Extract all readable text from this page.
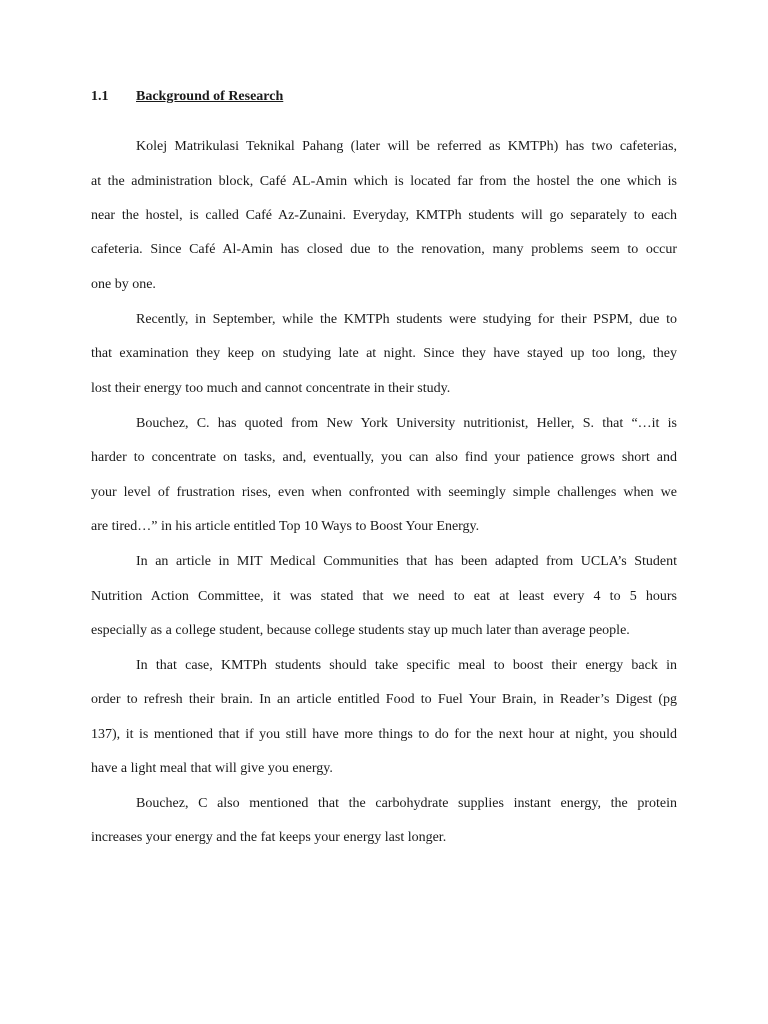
1.1 Background of Research
Kolej Matrikulasi Teknikal Pahang (later will be referred as KMTPh) has two cafeterias,
at the administration block, Café AL-Amin which is located far from the hostel the one which is
near the hostel, is called Café Az-Zunaini. Everyday, KMTPh students will go separately to each
cafeteria. Since Café Al-Amin has closed due to the renovation, many problems seem to occur
one by one.
Recently, in September, while the KMTPh students were studying for their PSPM, due to
that examination they keep on studying late at night. Since they have stayed up too long, they
lost their energy too much and cannot concentrate in their study.
Bouchez, C. has quoted from New York University nutritionist, Heller, S. that “…it is
harder to concentrate on tasks, and, eventually, you can also find your patience grows short and
your level of frustration rises, even when confronted with seemingly simple challenges when we
are tired…” in his article entitled Top 10 Ways to Boost Your Energy.
In an article in MIT Medical Communities that has been adapted from UCLA’s Student
Nutrition Action Committee, it was stated that we need to eat at least every 4 to 5 hours
especially as a college student, because college students stay up much later than average people.
In that case, KMTPh students should take specific meal to boost their energy back in
order to refresh their brain. In an article entitled Food to Fuel Your Brain, in Reader’s Digest (pg
137), it is mentioned that if you still have more things to do for the next hour at night, you should
have a light meal that will give you energy.
Bouchez, C also mentioned that the carbohydrate supplies instant energy, the protein
increases your energy and the fat keeps your energy last longer.
